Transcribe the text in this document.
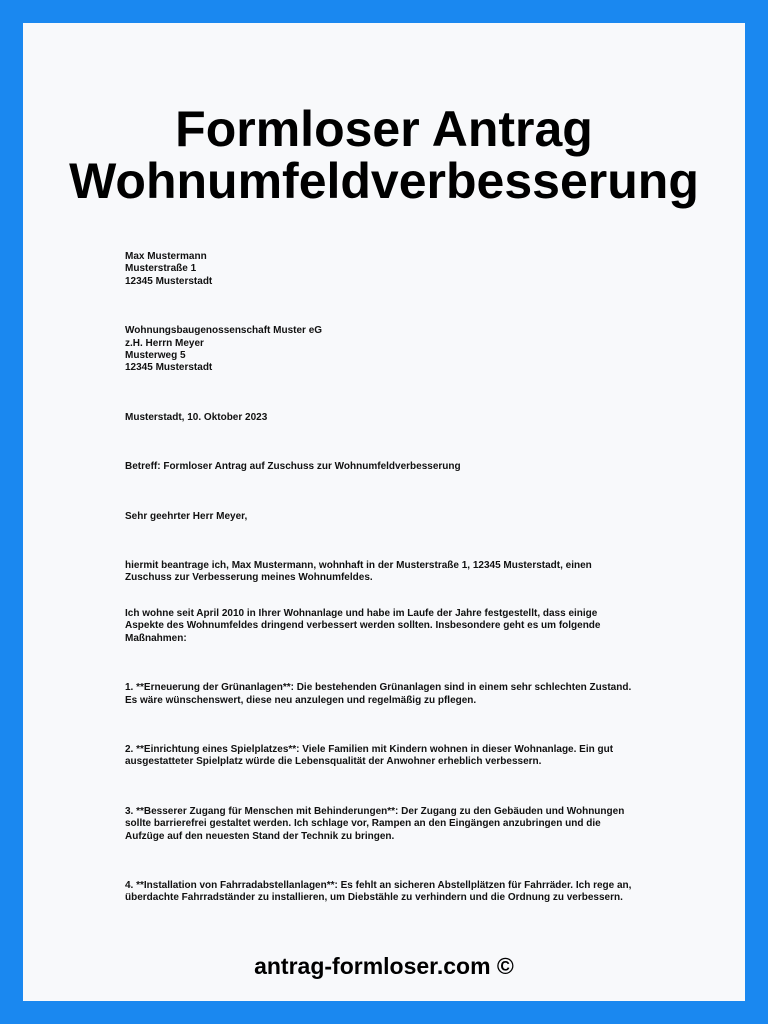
Formloser Antrag
Wohnumfeldverbesserung

Max Mustermann

Musterstraße 1

12345 Musterstadt

Wohnungsbaugenossenschaft Muster eG

z.H. Herrn Meyer

Musterweg 5

12345 Musterstadt

Musterstadt, 10. Oktober 2023

Betreff: Formloser Antrag auf Zuschuss zur Wohnumfeldverbesserung

Sehr geehrter Herr Meyer,

hiermit beantrage ich, Max Mustermann, wohnhaft in der Musterstraße 1, 12345 Musterstadt, einen Zuschuss zur Verbesserung meines Wohnumfeldes.

Ich wohne seit April 2010 in Ihrer Wohnanlage und habe im Laufe der Jahre festgestellt, dass einige Aspekte des Wohnumfeldes dringend verbessert werden sollten. Insbesondere geht es um folgende Maßnahmen:

1. **Erneuerung der Grünanlagen**: Die bestehenden Grünanlagen sind in einem sehr schlechten Zustand. Es wäre wünschenswert, diese neu anzulegen und regelmäßig zu pflegen.

2. **Einrichtung eines Spielplatzes**: Viele Familien mit Kindern wohnen in dieser Wohnanlage. Ein gut ausgestatteter Spielplatz würde die Lebensqualität der Anwohner erheblich verbessern.

3. **Besserer Zugang für Menschen mit Behinderungen**: Der Zugang zu den Gebäuden und Wohnungen sollte barrierefrei gestaltet werden. Ich schlage vor, Rampen an den Eingängen anzubringen und die Aufzüge auf den neuesten Stand der Technik zu bringen.

4. **Installation von Fahrradabstellanlagen**: Es fehlt an sicheren Abstellplätzen für Fahrräder. Ich rege an, überdachte Fahrradständer zu installieren, um Diebstähle zu verhindern und die Ordnung zu verbessern.

antrag-formloser.com ©
